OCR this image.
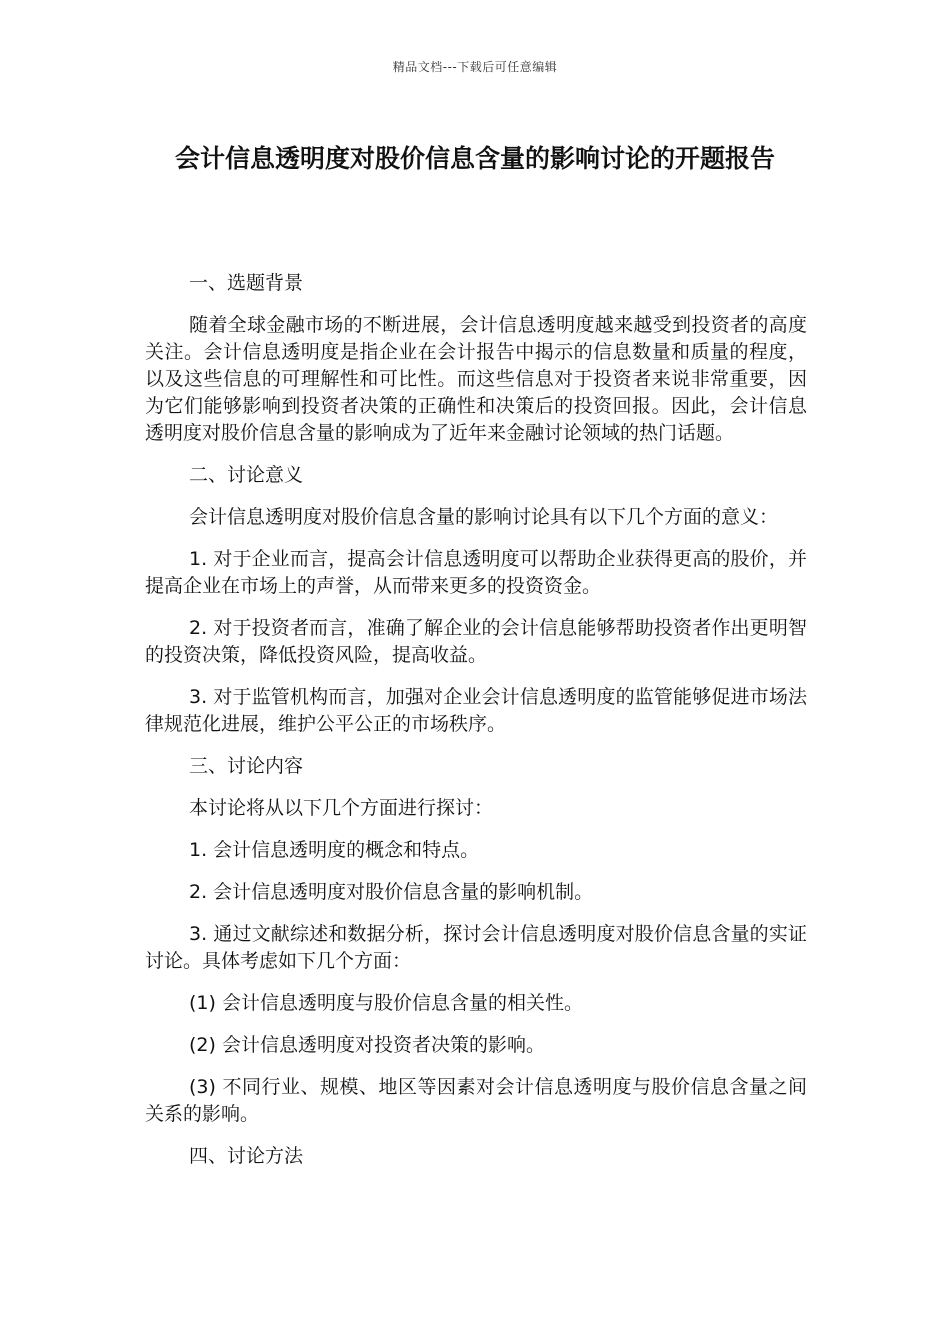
精品文档---下载后可任意编辑
会计信息透明度对股价信息含量的影响讨论的开题报告

一、选题背景

随着全球金融市场的不断进展，会计信息透明度越来越受到投资者的高度关注。会计信息透明度是指企业在会计报告中揭示的信息数量和质量的程度，以及这些信息的可理解性和可比性。而这些信息对于投资者来说非常重要，因为它们能够影响到投资者决策的正确性和决策后的投资回报。因此，会计信息透明度对股价信息含量的影响成为了近年来金融讨论领域的热门话题。

二、讨论意义

会计信息透明度对股价信息含量的影响讨论具有以下几个方面的意义：

1. 对于企业而言，提高会计信息透明度可以帮助企业获得更高的股价，并提高企业在市场上的声誉，从而带来更多的投资资金。

2. 对于投资者而言，准确了解企业的会计信息能够帮助投资者作出更明智的投资决策，降低投资风险，提高收益。

3. 对于监管机构而言，加强对企业会计信息透明度的监管能够促进市场法律规范化进展，维护公平公正的市场秩序。

三、讨论内容

本讨论将从以下几个方面进行探讨：

1. 会计信息透明度的概念和特点。

2. 会计信息透明度对股价信息含量的影响机制。

3. 通过文献综述和数据分析，探讨会计信息透明度对股价信息含量的实证讨论。具体考虑如下几个方面：

(1) 会计信息透明度与股价信息含量的相关性。

(2) 会计信息透明度对投资者决策的影响。

(3) 不同行业、规模、地区等因素对会计信息透明度与股价信息含量之间关系的影响。

四、讨论方法
